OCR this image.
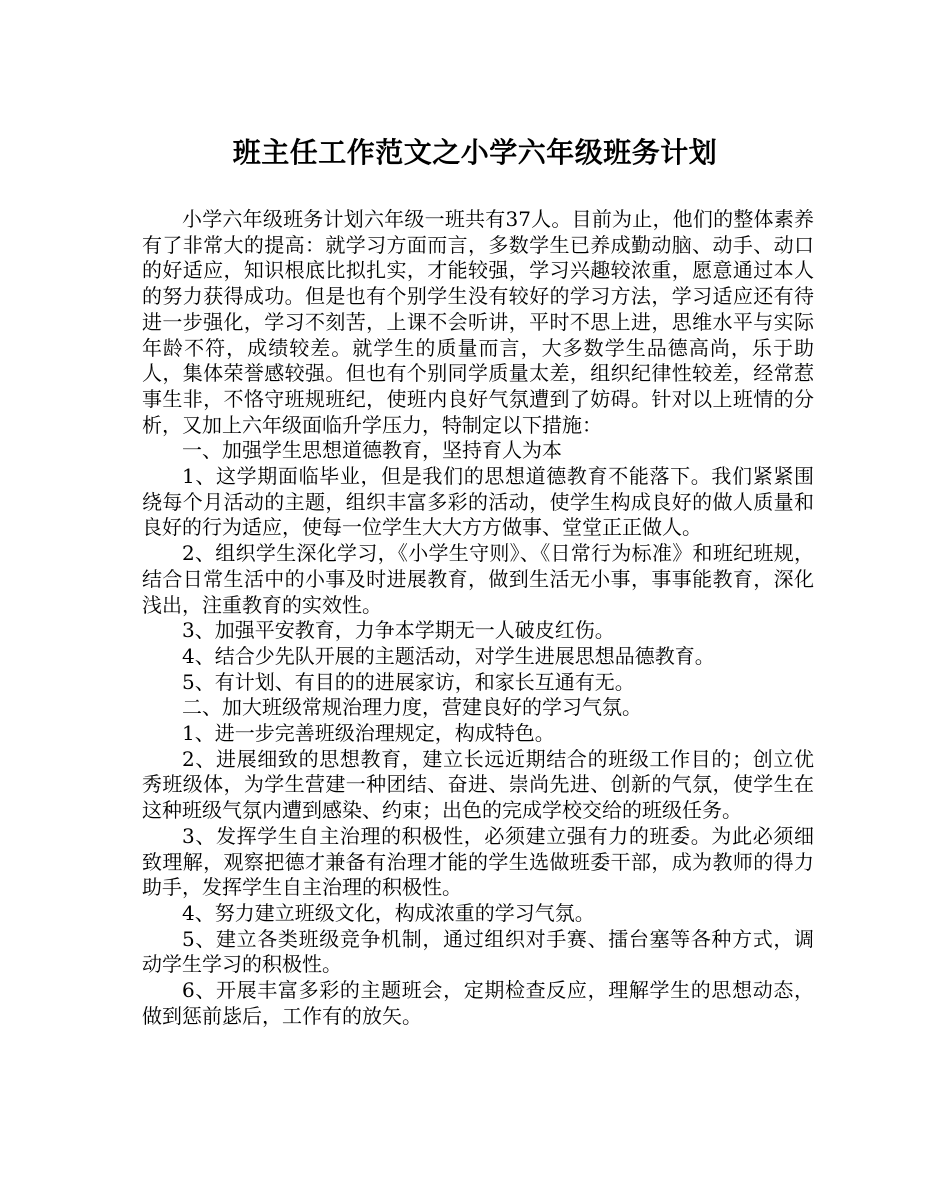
班主任工作范文之小学六年级班务计划

小学六年级班务计划六年级一班共有37人。目前为止，他们的整体素养有了非常大的提高：就学习方面而言，多数学生已养成勤动脑、动手、动口的好适应，知识根底比拟扎实，才能较强，学习兴趣较浓重，愿意通过本人的努力获得成功。但是也有个别学生没有较好的学习方法，学习适应还有待进一步强化，学习不刻苦，上课不会听讲，平时不思上进，思维水平与实际年龄不符，成绩较差。就学生的质量而言，大多数学生品德高尚，乐于助人，集体荣誉感较强。但也有个别同学质量太差，组织纪律性较差，经常惹事生非，不恪守班规班纪，使班内良好气氛遭到了妨碍。针对以上班情的分析，又加上六年级面临升学压力，特制定以下措施：

一、加强学生思想道德教育，坚持育人为本

1、这学期面临毕业，但是我们的思想道德教育不能落下。我们紧紧围绕每个月活动的主题，组织丰富多彩的活动，使学生构成良好的做人质量和良好的行为适应，使每一位学生大大方方做事、堂堂正正做人。

2、组织学生深化学习，《小学生守则》、《日常行为标准》和班纪班规，结合日常生活中的小事及时进展教育，做到生活无小事，事事能教育，深化浅出，注重教育的实效性。

3、加强平安教育，力争本学期无一人破皮红伤。

4、结合少先队开展的主题活动，对学生进展思想品德教育。

5、有计划、有目的的进展家访，和家长互通有无。

二、加大班级常规治理力度，营建良好的学习气氛。

1、进一步完善班级治理规定，构成特色。

2、进展细致的思想教育，建立长远近期结合的班级工作目的；创立优秀班级体，为学生营建一种团结、奋进、崇尚先进、创新的气氛，使学生在这种班级气氛内遭到感染、约束；出色的完成学校交给的班级任务。

3、发挥学生自主治理的积极性，必须建立强有力的班委。为此必须细致理解，观察把德才兼备有治理才能的学生选做班委干部，成为教师的得力助手，发挥学生自主治理的积极性。

4、努力建立班级文化，构成浓重的学习气氛。

5、建立各类班级竞争机制，通过组织对手赛、擂台塞等各种方式，调动学生学习的积极性。

6、开展丰富多彩的主题班会，定期检查反应，理解学生的思想动态，做到惩前毖后，工作有的放矢。
